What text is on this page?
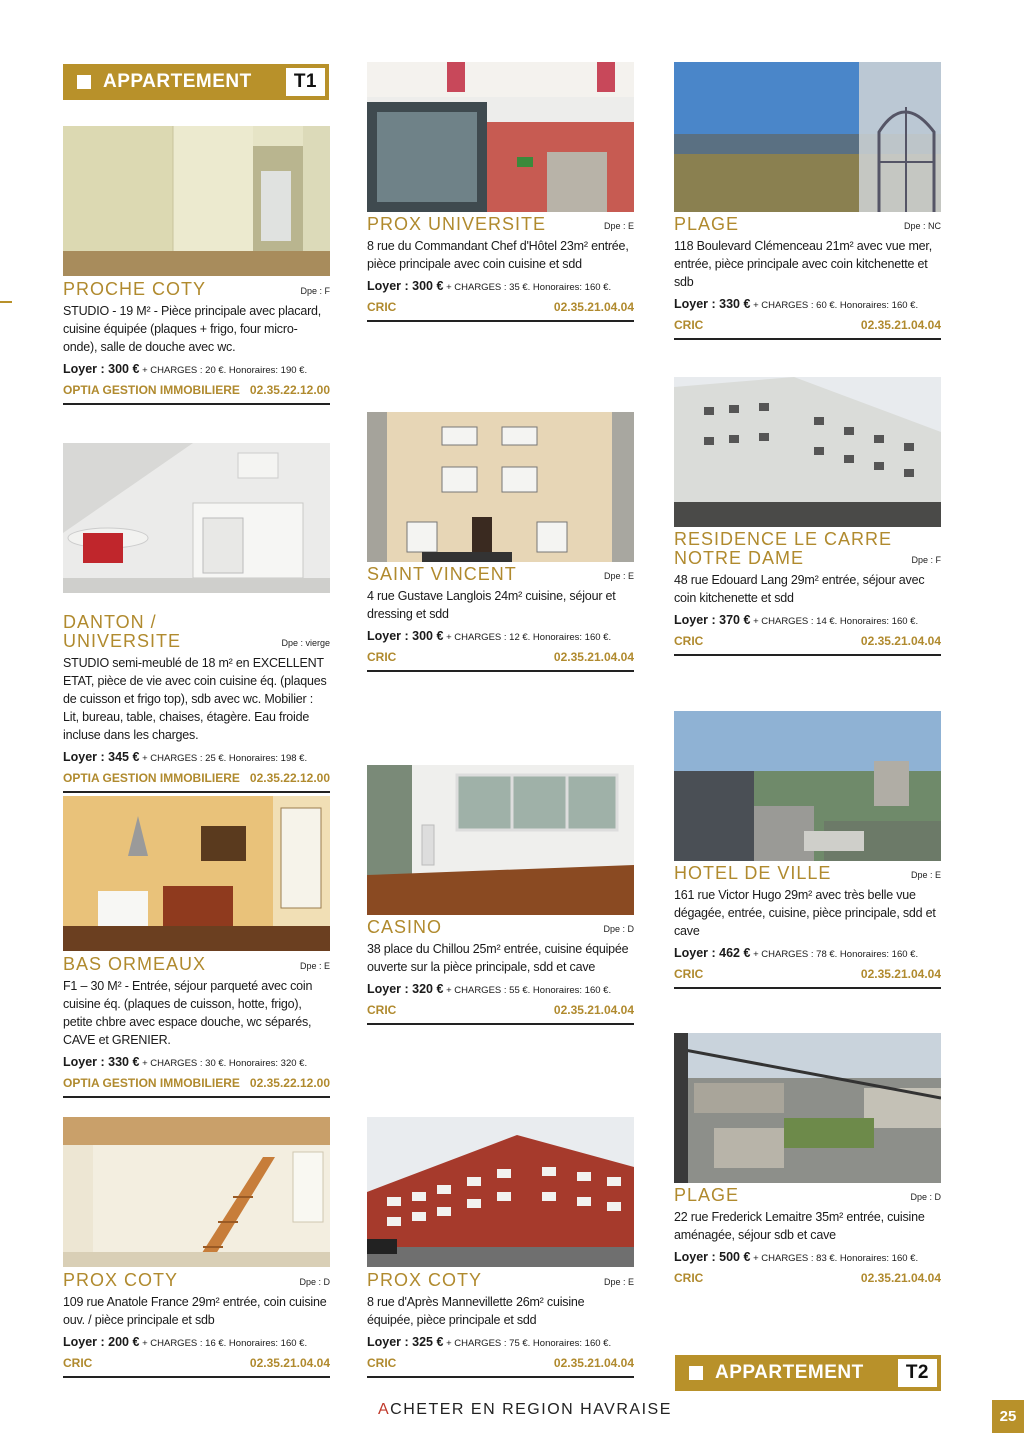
APPARTEMENT	T1
PROCHE COTY	Dpe : F
STUDIO - 19 M² - Pièce principale avec placard, cuisine équipée (plaques + frigo, four micro-onde), salle de douche avec wc.
Loyer : 300 € + CHARGES : 20 €. Honoraires: 190 €.
OPTIA GESTION IMMOBILIERE 02.35.22.12.00
DANTON / UNIVERSITE	Dpe : vierge
STUDIO semi-meublé de 18 m² en EXCELLENT ETAT, pièce de vie avec coin cuisine éq. (plaques de cuisson et frigo top), sdb avec wc. Mobilier : Lit, bureau, table, chaises, étagère. Eau froide incluse dans les charges.
Loyer : 345 € + CHARGES : 25 €. Honoraires: 198 €.
OPTIA GESTION IMMOBILIERE 02.35.22.12.00
BAS ORMEAUX	Dpe : E
F1 – 30 M² - Entrée, séjour parqueté avec coin cuisine éq. (plaques de cuisson, hotte, frigo), petite chbre avec espace douche, wc séparés, CAVE et GRENIER.
Loyer : 330 € + CHARGES : 30 €. Honoraires: 320 €.
OPTIA GESTION IMMOBILIERE 02.35.22.12.00
PROX COTY	Dpe : D
109 rue Anatole France 29m² entrée, coin cuisine ouv. / pièce principale et sdb
Loyer : 200 € + CHARGES : 16 €. Honoraires: 160 €.
CRIC	02.35.21.04.04
PROX UNIVERSITE	Dpe : E
8 rue du Commandant Chef d'Hôtel 23m² entrée, pièce principale avec coin cuisine et sdd
Loyer : 300 € + CHARGES : 35 €. Honoraires: 160 €.
CRIC	02.35.21.04.04
SAINT VINCENT	Dpe : E
4 rue Gustave Langlois 24m² cuisine, séjour et dressing et sdd
Loyer : 300 € + CHARGES : 12 €. Honoraires: 160 €.
CRIC	02.35.21.04.04
CASINO	Dpe : D
38 place du Chillou 25m² entrée, cuisine équipée ouverte sur la pièce principale, sdd et cave
Loyer : 320 € + CHARGES : 55 €. Honoraires: 160 €.
CRIC	02.35.21.04.04
PROX COTY	Dpe : E
8 rue d'Après Mannevillette 26m² cuisine équipée, pièce principale et sdd
Loyer : 325 € + CHARGES : 75 €. Honoraires: 160 €.
CRIC	02.35.21.04.04
PLAGE	Dpe : NC
118 Boulevard Clémenceau 21m² avec vue mer, entrée, pièce principale avec coin kitchenette et sdb
Loyer : 330 € + CHARGES : 60 €. Honoraires: 160 €.
CRIC	02.35.21.04.04
RESIDENCE LE CARRE NOTRE DAME	Dpe : F
48 rue Edouard Lang 29m² entrée, séjour avec coin kitchenette et sdd
Loyer : 370 € + CHARGES : 14 €. Honoraires: 160 €.
CRIC	02.35.21.04.04
HOTEL DE VILLE	Dpe : E
161 rue Victor Hugo 29m² avec très belle vue dégagée, entrée, cuisine, pièce principale, sdd et cave
Loyer : 462 € + CHARGES : 78 €. Honoraires: 160 €.
CRIC	02.35.21.04.04
PLAGE	Dpe : D
22 rue Frederick Lemaitre 35m² entrée, cuisine aménagée, séjour sdb et cave
Loyer : 500 € + CHARGES : 83 €. Honoraires: 160 €.
CRIC	02.35.21.04.04
APPARTEMENT	T2
ACHETER EN REGION HAVRAISE	25
